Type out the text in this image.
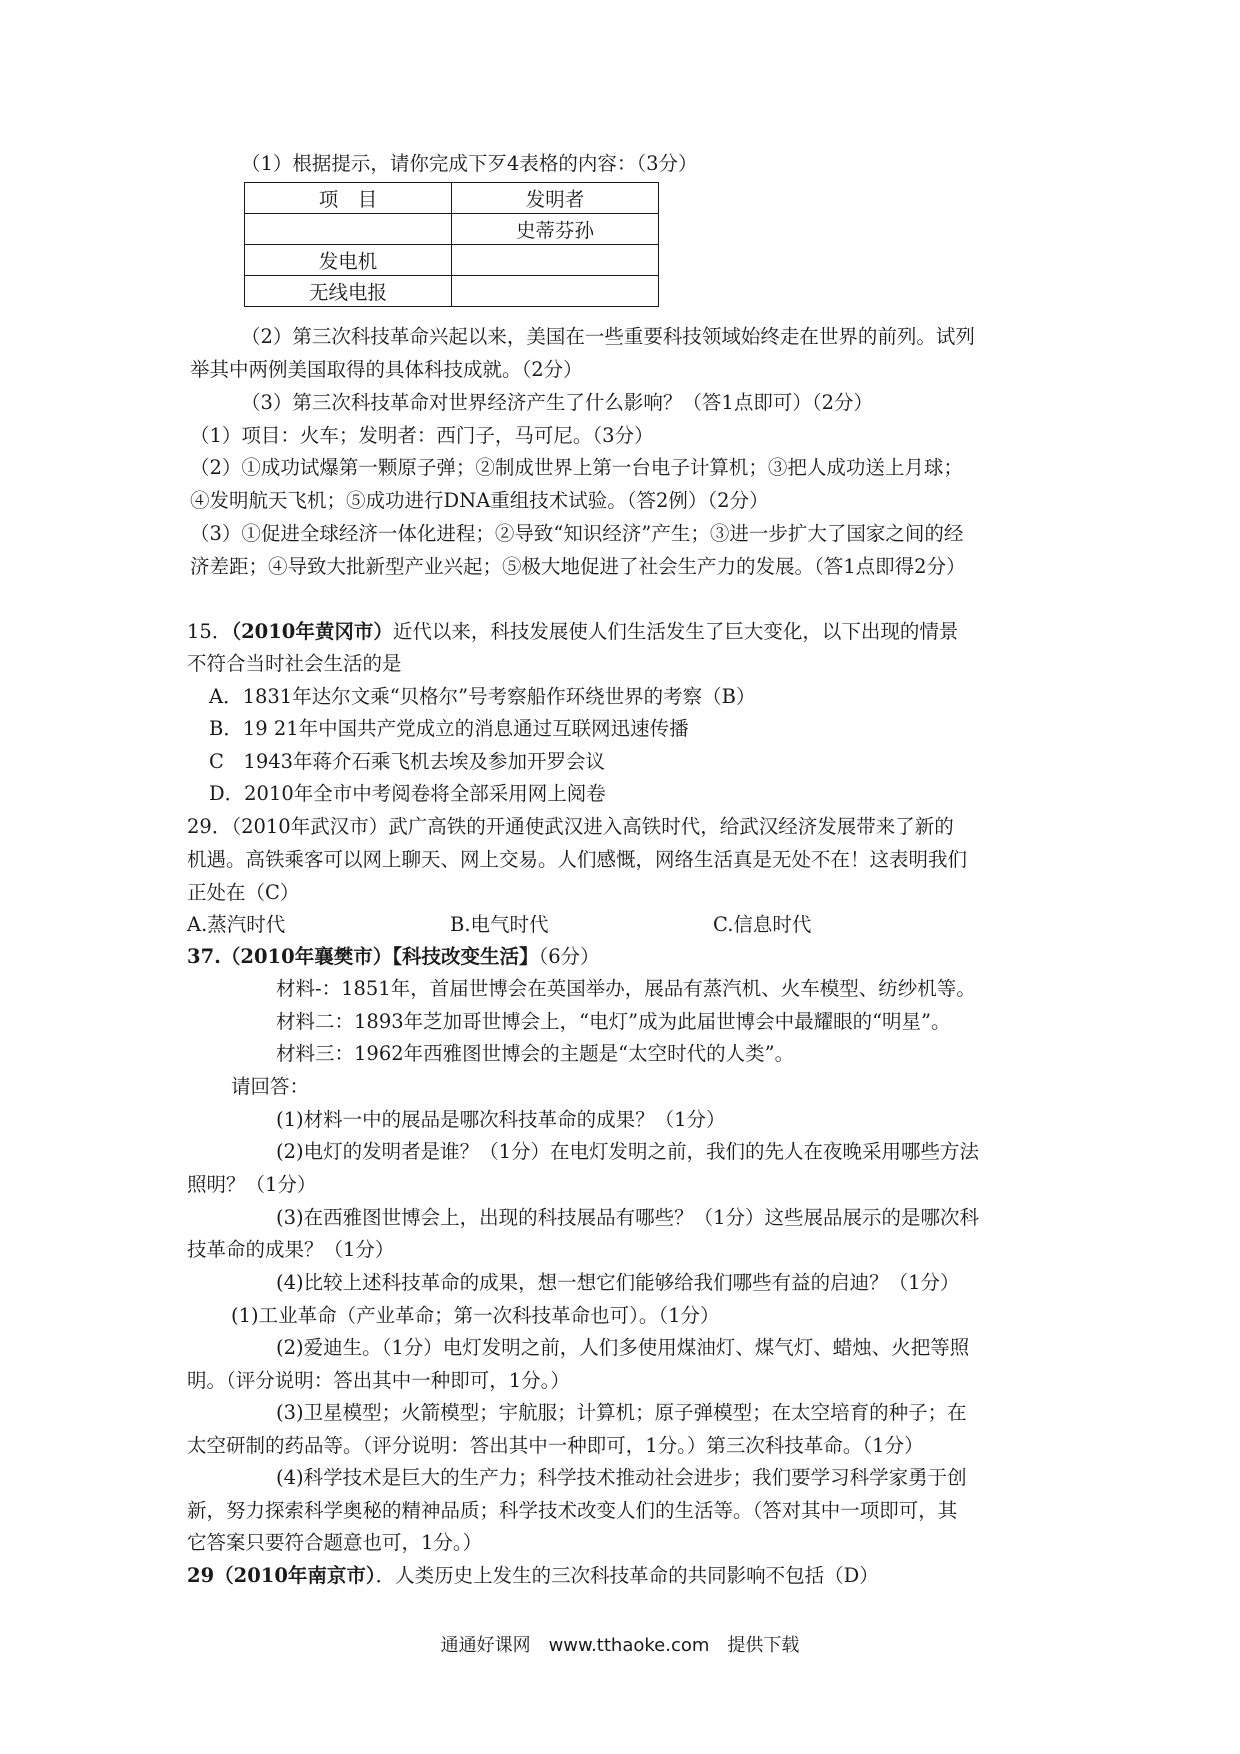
（1）根据提示，请你完成下歹4表格的内容：（3分）
项　目	发明者
	史蒂芬孙
发电机	
无线电报	
（2）第三次科技革命兴起以来，美国在一些重要科技领域始终走在世界的前列。试列
举其中两例美国取得的具体科技成就。（2分）
（3）第三次科技革命对世界经济产生了什么影响？（答1点即可）（2分）
（1）项目：火车；发明者：西门子，马可尼。（3分）
（2）①成功试爆第一颗原子弹；②制成世界上第一台电子计算机；③把人成功送上月球；
④发明航天飞机；⑤成功进行DNA重组技术试验。（答2例）（2分）
（3）①促进全球经济一体化进程；②导致“知识经济”产生；③进一步扩大了国家之间的经
济差距；④导致大批新型产业兴起；⑤极大地促进了社会生产力的发展。（答1点即得2分）
15．（2010年黄冈市）近代以来，科技发展使人们生活发生了巨大变化，以下出现的情景
不符合当时社会生活的是
A．1831年达尔文乘“贝格尔”号考察船作环绕世界的考察（B）
B．19 21年中国共产党成立的消息通过互联网迅速传播
C　1943年蒋介石乘飞机去埃及参加开罗会议
D．2010年全市中考阅卷将全部采用网上阅卷
29．（2010年武汉市）武广高铁的开通使武汉进入高铁时代，给武汉经济发展带来了新的
机遇。高铁乘客可以网上聊天、网上交易。人们感慨，网络生活真是无处不在！这表明我们
正处在（C）
A.蒸汽时代	B.电气时代	C.信息时代
37.（2010年襄樊市）【科技改变生活】（6分）
材料-：1851年，首届世博会在英国举办，展品有蒸汽机、火车模型、纺纱机等。
材料二：1893年芝加哥世博会上，“电灯”成为此届世博会中最耀眼的“明星”。
材料三：1962年西雅图世博会的主题是“太空时代的人类”。
请回答：
(1)材料一中的展品是哪次科技革命的成果？（1分）
(2)电灯的发明者是谁？（1分）在电灯发明之前，我们的先人在夜晚采用哪些方法
照明？（1分）
(3)在西雅图世博会上，出现的科技展品有哪些？（1分）这些展品展示的是哪次科
技革命的成果？（1分）
(4)比较上述科技革命的成果，想一想它们能够给我们哪些有益的启迪？（1分）
(1)工业革命（产业革命；第一次科技革命也可）。（1分）
(2)爱迪生。（1分）电灯发明之前，人们多使用煤油灯、煤气灯、蜡烛、火把等照
明。（评分说明：答出其中一种即可，1分。）
(3)卫星模型；火箭模型；宇航服；计算机；原子弹模型；在太空培育的种子；在
太空研制的药品等。（评分说明：答出其中一种即可，1分。）第三次科技革命。（1分）
(4)科学技术是巨大的生产力；科学技术推动社会进步；我们要学习科学家勇于创
新，努力探索科学奥秘的精神品质；科学技术改变人们的生活等。（答对其中一项即可，其
它答案只要符合题意也可，1分。）
29（2010年南京市）．人类历史上发生的三次科技革命的共同影响不包括（D）
通通好课网　www.tthaoke.com　提供下载
